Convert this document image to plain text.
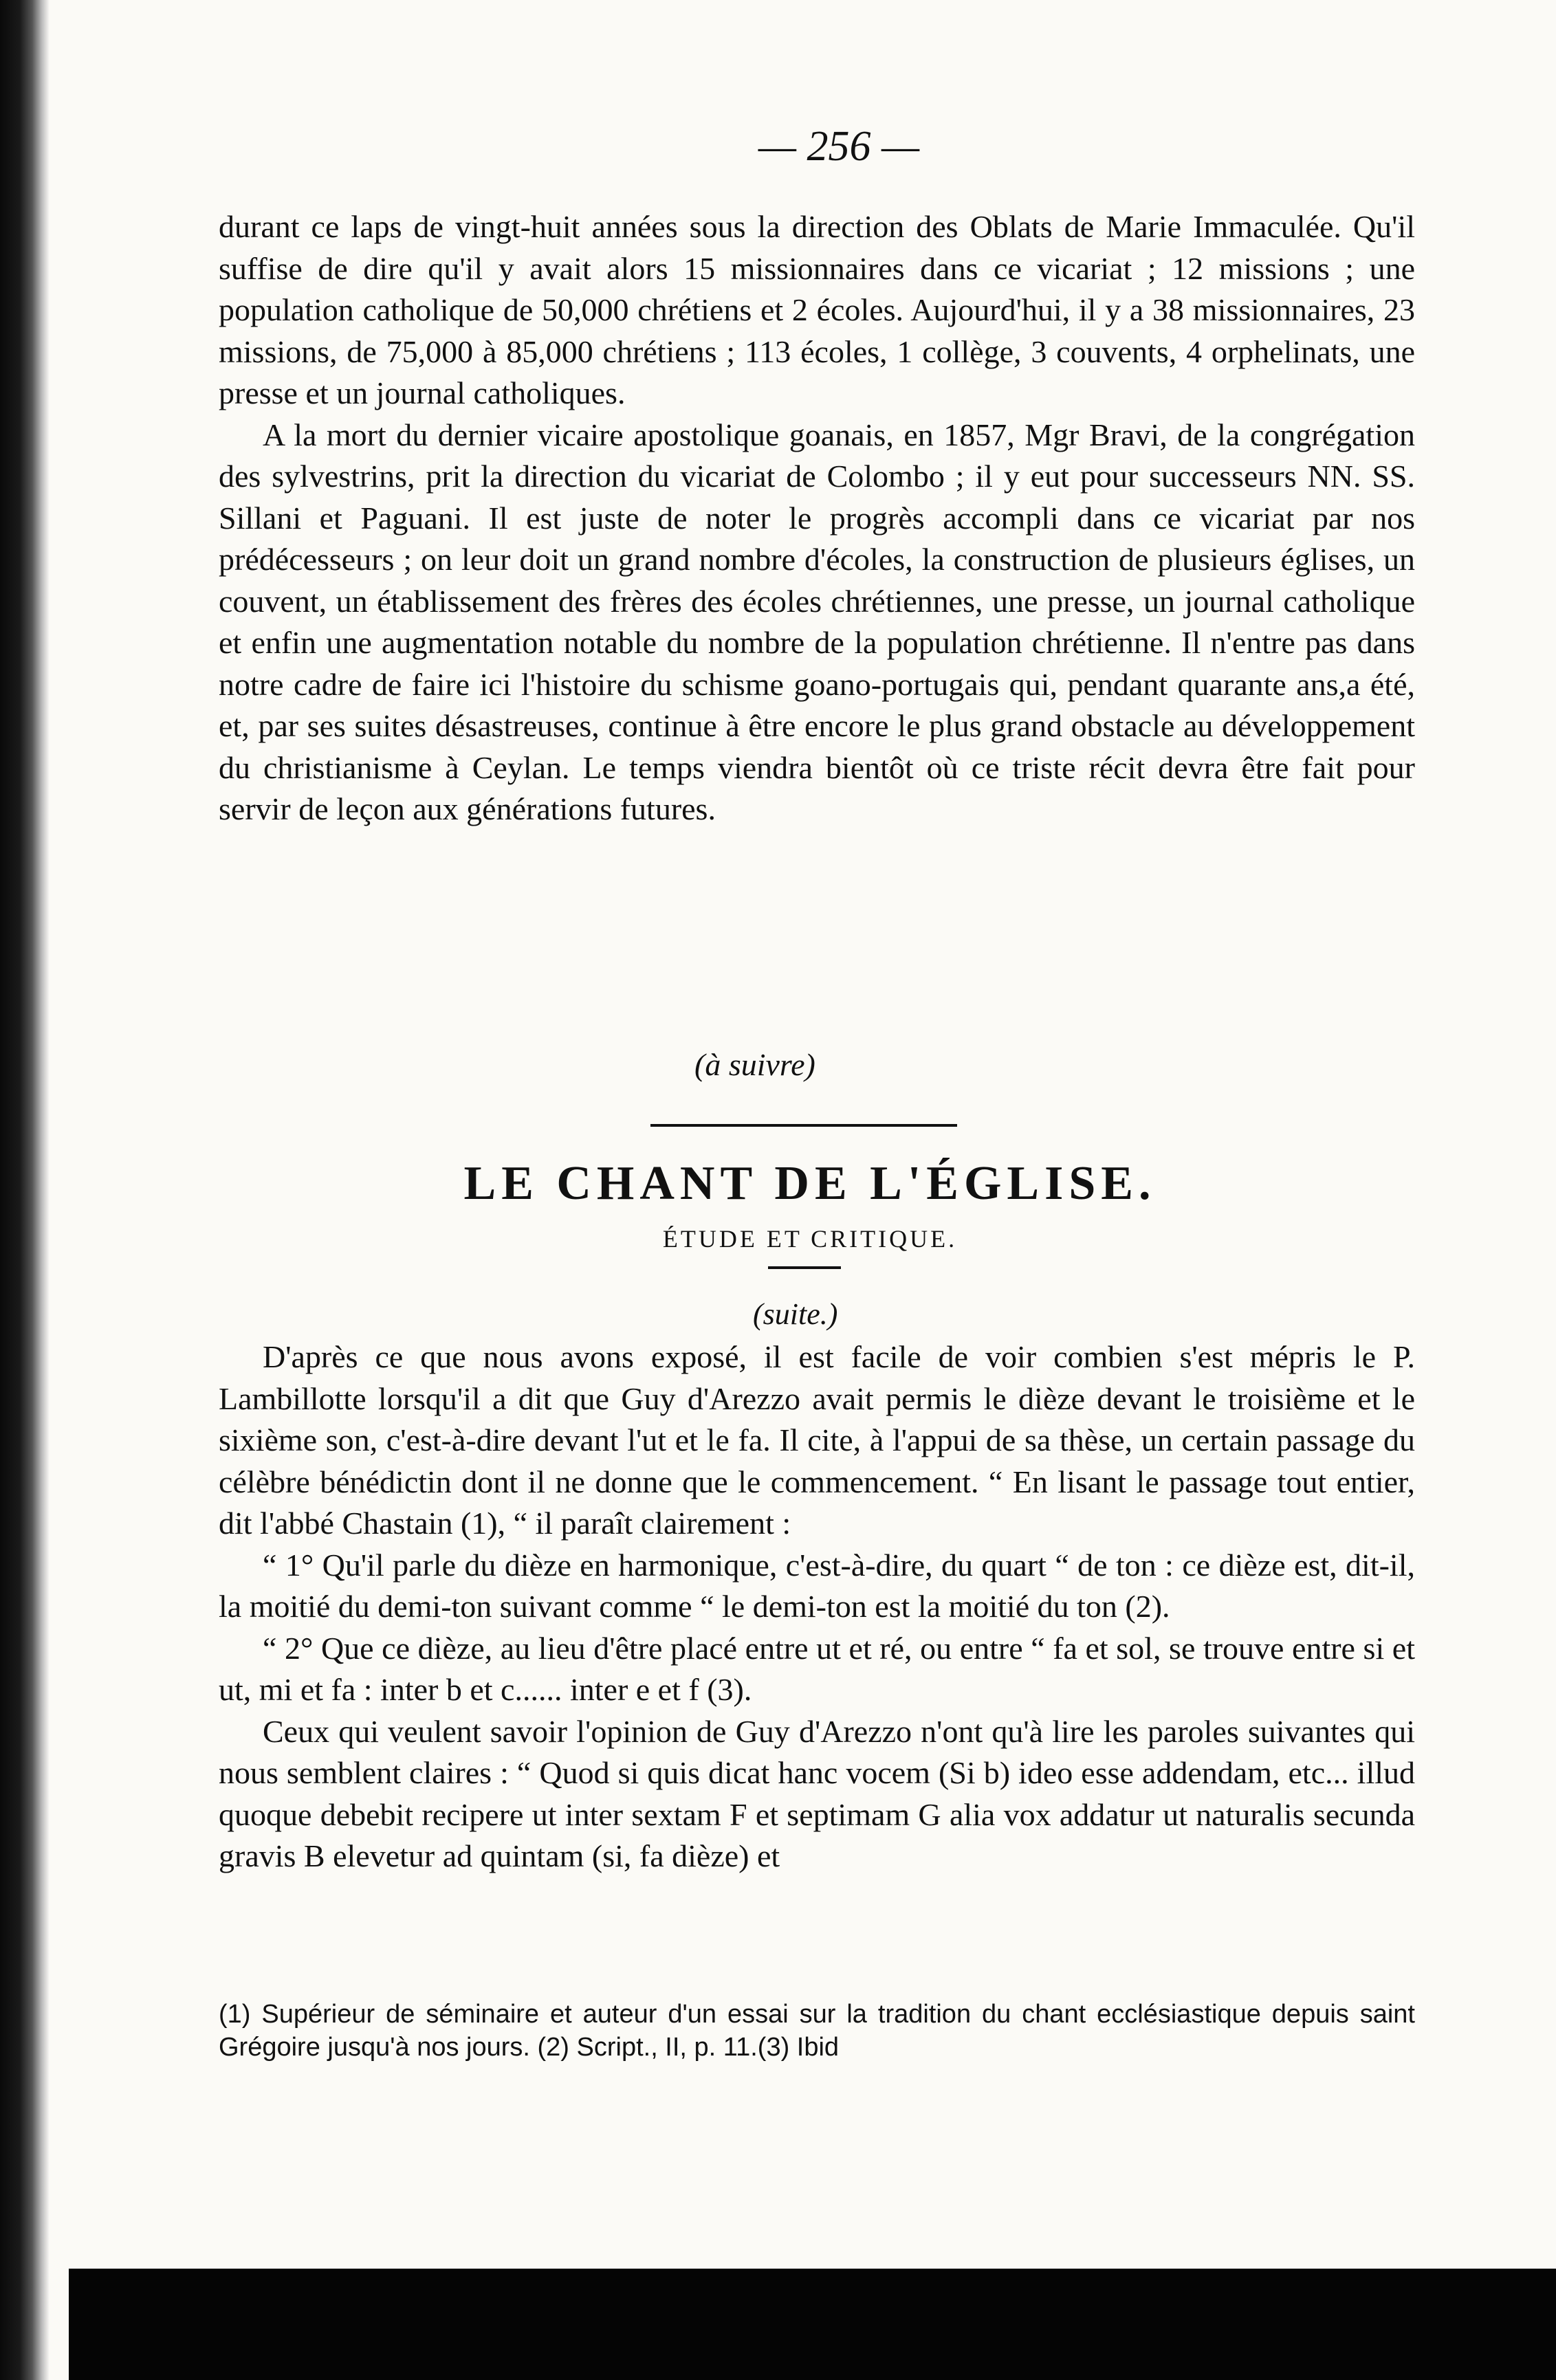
— 256 —

durant ce laps de vingt-huit années sous la direction des Oblats de Marie Immaculée. Qu'il suffise de dire qu'il y avait alors 15 missionnaires dans ce vicariat ; 12 missions ; une population catholique de 50,000 chrétiens et 2 écoles. Aujourd'hui, il y a 38 missionnaires, 23 missions, de 75,000 à 85,000 chrétiens ; 113 écoles, 1 collège, 3 couvents, 4 orphelinats, une presse et un journal catholiques.

A la mort du dernier vicaire apostolique goanais, en 1857, Mgr Bravi, de la congrégation des sylvestrins, prit la direction du vicariat de Colombo ; il y eut pour successeurs NN. SS. Sillani et Paguani. Il est juste de noter le progrès accompli dans ce vicariat par nos prédécesseurs ; on leur doit un grand nombre d'écoles, la construction de plusieurs églises, un couvent, un établissement des frères des écoles chrétiennes, une presse, un journal catholique et enfin une augmentation notable du nombre de la population chrétienne. Il n'entre pas dans notre cadre de faire ici l'histoire du schisme goano-portugais qui, pendant quarante ans,a été, et, par ses suites désastreuses, continue à être encore le plus grand obstacle au développement du christianisme à Ceylan. Le temps viendra bientôt où ce triste récit devra être fait pour servir de leçon aux générations futures.

(à suivre)
LE CHANT DE L'ÉGLISE.
ÉTUDE ET CRITIQUE.
(suite.)

D'après ce que nous avons exposé, il est facile de voir combien s'est mépris le P. Lambillotte lorsqu'il a dit que Guy d'Arezzo avait permis le dièze devant le troisième et le sixième son, c'est-à-dire devant l'ut et le fa. Il cite, à l'appui de sa thèse, un certain passage du célèbre bénédictin dont il ne donne que le commencement. “ En lisant le passage tout entier, dit l'abbé Chastain (1), “ il paraît clairement :

“ 1° Qu'il parle du dièze en harmonique, c'est-à-dire, du quart “ de ton : ce dièze est, dit-il, la moitié du demi-ton suivant comme “ le demi-ton est la moitié du ton (2).

“ 2° Que ce dièze, au lieu d'être placé entre ut et ré, ou entre “ fa et sol, se trouve entre si et ut, mi et fa : inter b et c...... inter e et f (3).

Ceux qui veulent savoir l'opinion de Guy d'Arezzo n'ont qu'à lire les paroles suivantes qui nous semblent claires : “ Quod si quis dicat hanc vocem (Si b) ideo esse addendam, etc... illud quoque debebit recipere ut inter sextam F et septimam G alia vox addatur ut naturalis secunda gravis B elevetur ad quintam (si, fa dièze) et

(1) Supérieur de séminaire et auteur d'un essai sur la tradition du chant ecclésiastique depuis saint Grégoire jusqu'à nos jours. (2) Script., II, p. 11.(3) Ibid
